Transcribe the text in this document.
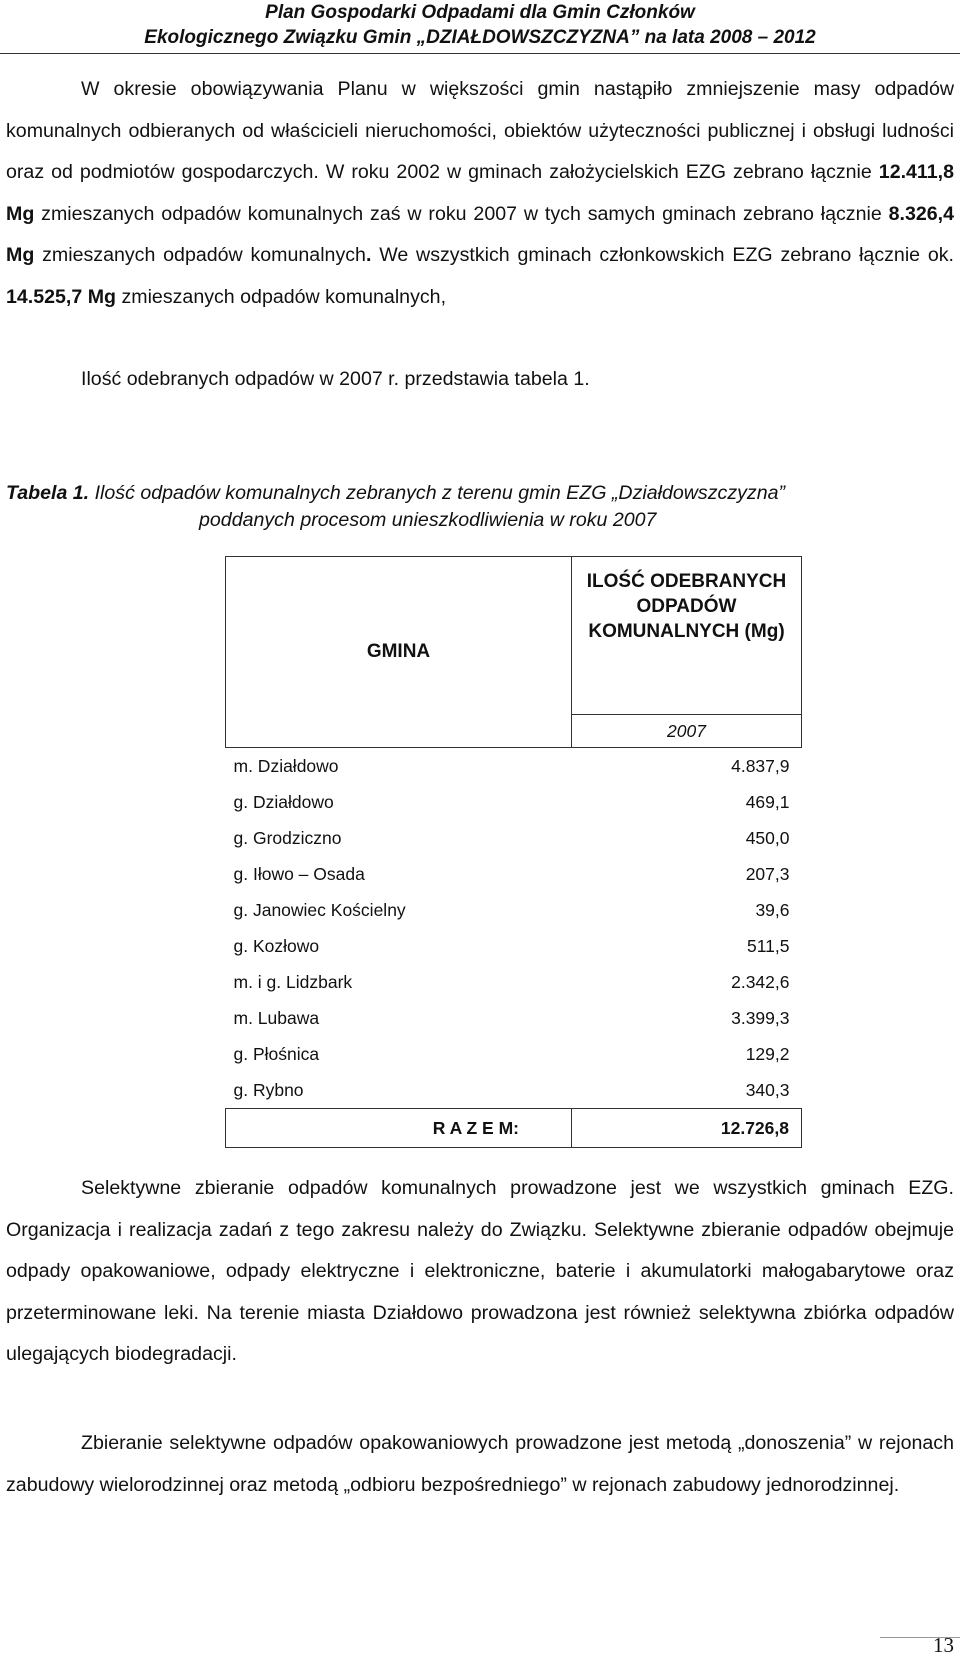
Plan Gospodarki Odpadami dla Gmin Członków
Ekologicznego Związku Gmin „DZIAŁDOWSZCZYZNA” na lata 2008 – 2012

W okresie obowiązywania Planu w większości gmin nastąpiło zmniejszenie masy odpadów komunalnych odbieranych od właścicieli nieruchomości, obiektów użyteczności publicznej i obsługi ludności oraz od podmiotów gospodarczych. W roku 2002 w gminach założycielskich EZG zebrano łącznie 12.411,8 Mg zmieszanych odpadów komunalnych zaś w roku 2007 w tych samych gminach zebrano łącznie 8.326,4 Mg zmieszanych odpadów komunalnych. We wszystkich gminach członkowskich EZG zebrano łącznie ok. 14.525,7 Mg zmieszanych odpadów komunalnych,

Ilość odebranych odpadów w 2007 r. przedstawia tabela 1.

Tabela 1. Ilość odpadów komunalnych zebranych z terenu gmin EZG „Działdowszczyzna”
poddanych procesom unieszkodliwienia w roku 2007
GMINA	ILOŚĆ ODEBRANYCH ODPADÓW KOMUNALNYCH (Mg)
	2007
m. Działdowo	4.837,9
g. Działdowo	469,1
g. Grodziczno	450,0
g. Iłowo – Osada	207,3
g. Janowiec Kościelny	39,6
g. Kozłowo	511,5
m. i g. Lidzbark	2.342,6
m. Lubawa	3.399,3
g. Płośnica	129,2
g. Rybno	340,3
R A Z E M:	12.726,8

Selektywne zbieranie odpadów komunalnych prowadzone jest we wszystkich gminach EZG. Organizacja i realizacja zadań z tego zakresu należy do Związku. Selektywne zbieranie odpadów obejmuje odpady opakowaniowe, odpady elektryczne i elektroniczne, baterie i akumulatorki małogabarytowe oraz przeterminowane leki. Na terenie miasta Działdowo prowadzona jest również selektywna zbiórka odpadów ulegających biodegradacji.

Zbieranie selektywne odpadów opakowaniowych prowadzone jest metodą „donoszenia” w rejonach zabudowy wielorodzinnej oraz metodą „odbioru bezpośredniego” w rejonach zabudowy jednorodzinnej.

13
